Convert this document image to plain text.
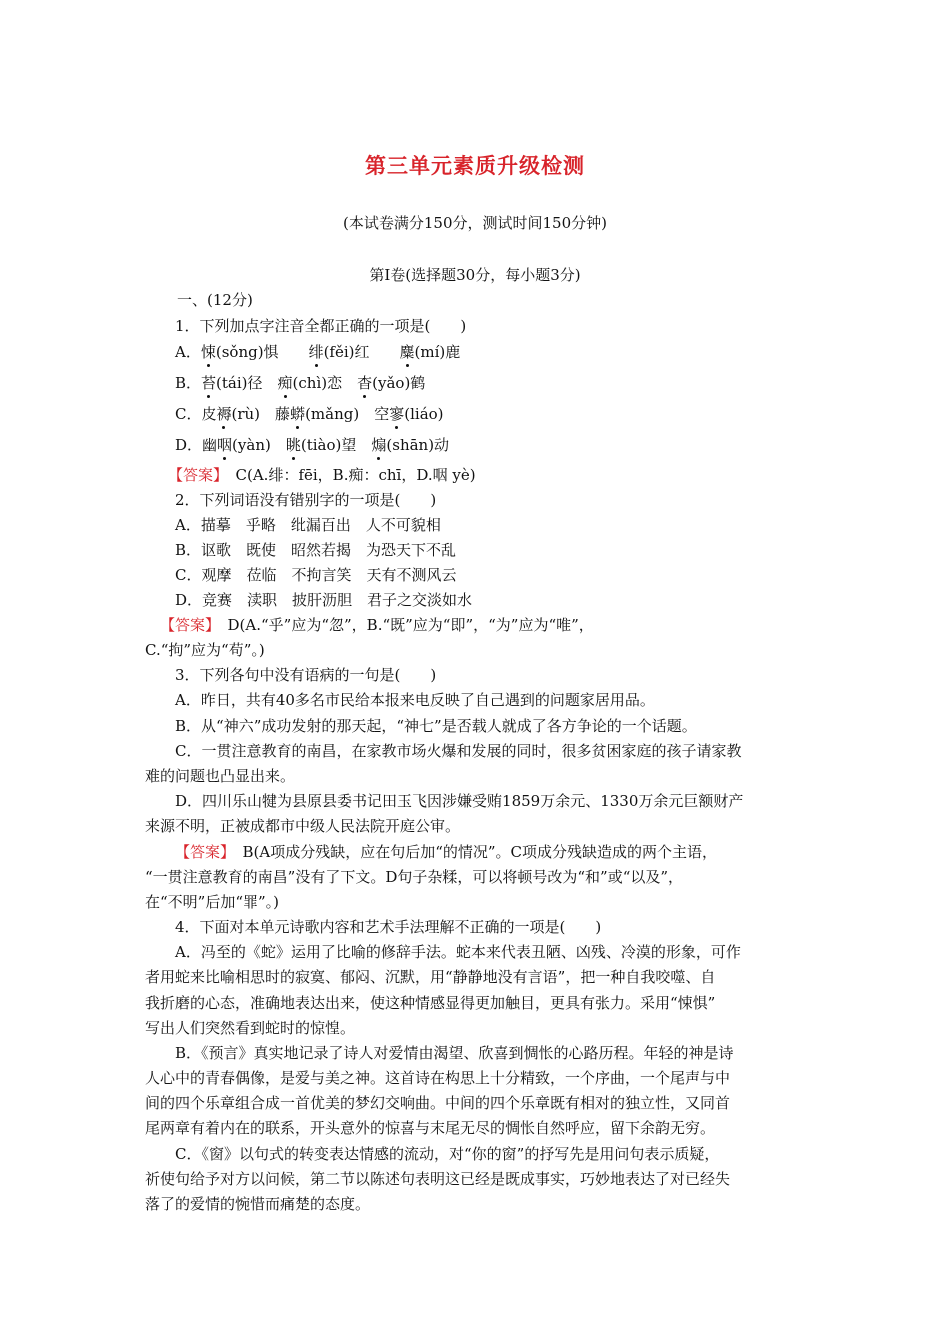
第三单元素质升级检测
(本试卷满分150分，测试时间150分钟)
第Ⅰ卷(选择题30分，每小题3分)
一、(12分)
1．下列加点字注音全都正确的一项是(　　)
A．悚(sǒng)惧　　绯(fěi)红　　麋(mí)鹿
B．苔(tái)径　痴(chì)恋　杳(yǎo)鹤
C．皮褥(rù)　藤蟒(mǎng)　空寥(liáo)
D．幽咽(yàn)　眺(tiào)望　煽(shān)动
【答案】　C(A.绯：fēi，B.痴：chī，D.咽 yè)
2．下列词语没有错别字的一项是(　　)
A．描摹　乎略　纰漏百出　人不可貌相
B．讴歌　既使　昭然若揭　为恐天下不乱
C．观摩　莅临　不拘言笑　天有不测风云
D．竞赛　渎职　披肝沥胆　君子之交淡如水
【答案】　D(A.“乎”应为“忽”，B.“既”应为“即”，“为”应为“唯”，
C.“拘”应为“苟”。)
3．下列各句中没有语病的一句是(　　)
A．昨日，共有40多名市民给本报来电反映了自己遇到的问题家居用品。
B．从“神六”成功发射的那天起，“神七”是否载人就成了各方争论的一个话题。
C．一贯注意教育的南昌，在家教市场火爆和发展的同时，很多贫困家庭的孩子请家教
难的问题也凸显出来。
D．四川乐山犍为县原县委书记田玉飞因涉嫌受贿1859万余元、1330万余元巨额财产
来源不明，正被成都市中级人民法院开庭公审。
【答案】　B(A项成分残缺，应在句后加“的情况”。C项成分残缺造成的两个主语，
“一贯注意教育的南昌”没有了下文。D句子杂糅，可以将顿号改为“和”或“以及”，
在“不明”后加“罪”。)
4．下面对本单元诗歌内容和艺术手法理解不正确的一项是(　　)
A．冯至的《蛇》运用了比喻的修辞手法。蛇本来代表丑陋、凶残、冷漠的形象，可作
者用蛇来比喻相思时的寂寞、郁闷、沉默，用“静静地没有言语”，把一种自我咬噬、自
我折磨的心态，准确地表达出来，使这种情感显得更加触目，更具有张力。采用“悚惧”
写出人们突然看到蛇时的惊惶。
B．《预言》真实地记录了诗人对爱情由渴望、欣喜到惆怅的心路历程。年轻的神是诗
人心中的青春偶像，是爱与美之神。这首诗在构思上十分精致，一个序曲，一个尾声与中
间的四个乐章组合成一首优美的梦幻交响曲。中间的四个乐章既有相对的独立性，又同首
尾两章有着内在的联系，开头意外的惊喜与末尾无尽的惆怅自然呼应，留下余韵无穷。
C．《窗》以句式的转变表达情感的流动，对“你的窗”的抒写先是用问句表示质疑，
祈使句给予对方以问候，第二节以陈述句表明这已经是既成事实，巧妙地表达了对已经失
落了的爱情的惋惜而痛楚的态度。
